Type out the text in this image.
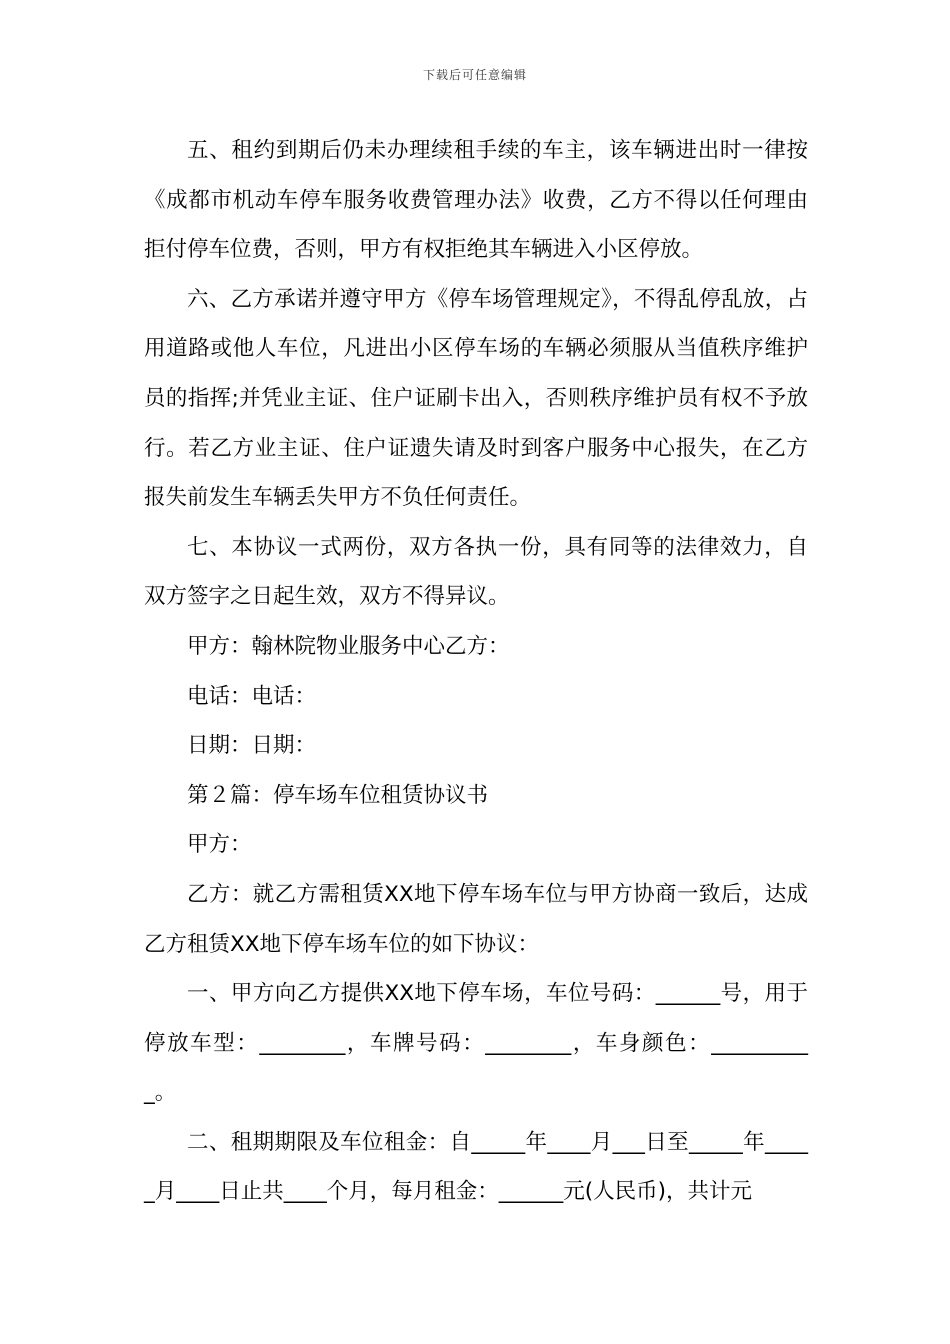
下载后可任意编辑

五、租约到期后仍未办理续租手续的车主，该车辆进出时一律按《成都市机动车停车服务收费管理办法》收费，乙方不得以任何理由拒付停车位费，否则，甲方有权拒绝其车辆进入小区停放。

六、乙方承诺并遵守甲方《停车场管理规定》，不得乱停乱放，占用道路或他人车位，凡进出小区停车场的车辆必须服从当值秩序维护员的指挥;并凭业主证、住户证刷卡出入，否则秩序维护员有权不予放行。若乙方业主证、住户证遗失请及时到客户服务中心报失，在乙方报失前发生车辆丢失甲方不负任何责任。

七、本协议一式两份，双方各执一份，具有同等的法律效力，自双方签字之日起生效，双方不得异议。

甲方：翰林院物业服务中心乙方：

电话：电话：

日期：日期：

第２篇：停车场车位租赁协议书

甲方：

乙方：就乙方需租赁XX地下停车场车位与甲方协商一致后，达成乙方租赁XX地下停车场车位的如下协议：

一、甲方向乙方提供XX地下停车场，车位号码：______号，用于停放车型：________，车牌号码：________，车身颜色：__________。

二、租期期限及车位租金：自_____年____月___日至_____年_____月____日止共____个月，每月租金：______元(人民币)，共计元
